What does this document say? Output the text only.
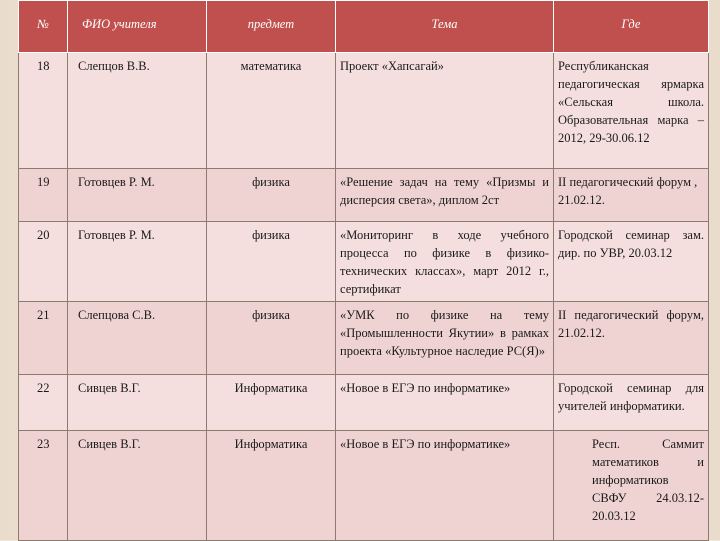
№	ФИО учителя	предмет	Тема	Где
18	Слепцов В.В.	математика	Проект «Хапсагай»	Республиканская педагогическая ярмарка «Сельская школа. Образовательная марка – 2012, 29-30.06.12
19	Готовцев Р. М.	физика	«Решение задач на тему «Призмы и дисперсия света», диплом 2ст	II педагогический форум , 21.02.12.
20	Готовцев Р. М.	физика	«Мониторинг в ходе учебного процесса по физике в физико-технических классах», март 2012 г., сертификат	Городской семинар зам. дир. по УВР, 20.03.12
21	Слепцова С.В.	физика	«УМК по физике на тему «Промышленности Якутии» в рамках проекта «Культурное наследие РС(Я)»	II педагогический форум, 21.02.12.
22	Сивцев В.Г.	Информатика	«Новое в ЕГЭ по информатике»	Городской семинар для учителей информатики.
23	Сивцев В.Г.	Информатика	«Новое в ЕГЭ по информатике»	Респ. Саммит математиков и информатиков СВФУ 24.03.12-20.03.12
